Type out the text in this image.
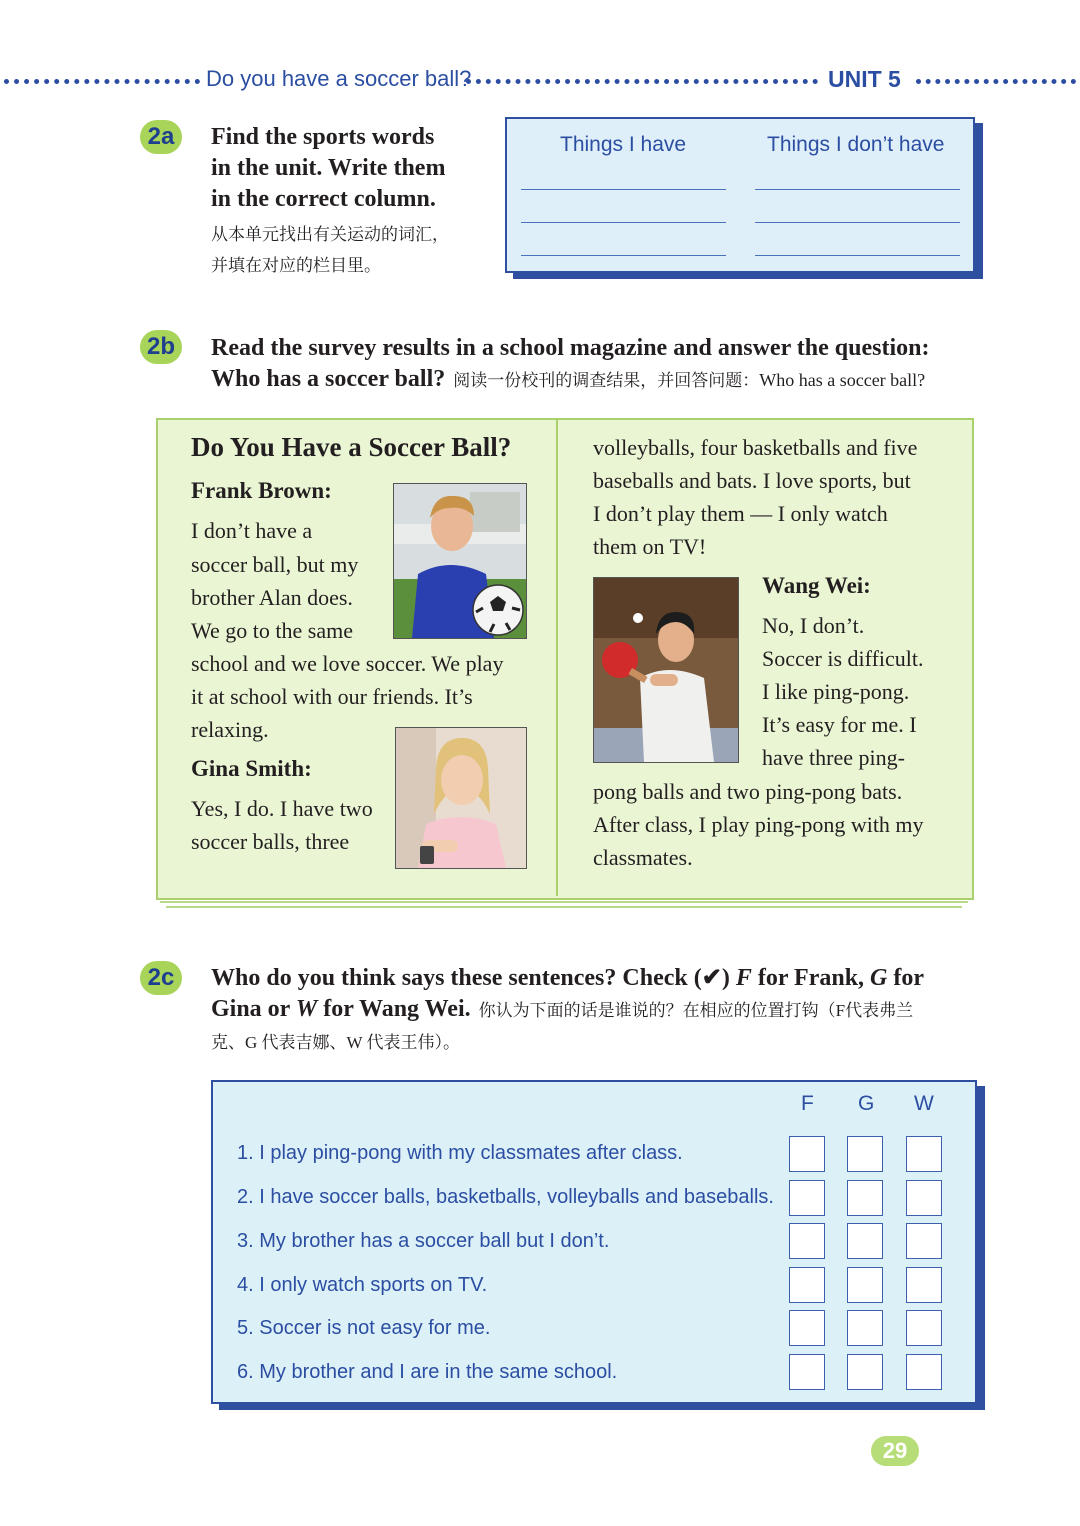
Do you have a soccer ball?	UNIT 5
2a	Find the sports words
in the unit. Write them
in the correct column.
从本单元找出有关运动的词汇，
并填在对应的栏目里。
Things I have	Things I don’t have
2b Read the survey results in a school magazine and answer the question:
Who has a soccer ball? 阅读一份校刊的调查结果，并回答问题：Who has a soccer ball?
Do You Have a Soccer Ball?
Frank Brown:
I don’t have a
soccer ball, but my
brother Alan does.
We go to the same
school and we love soccer. We play
it at school with our friends. It’s
relaxing.
Gina Smith:
Yes, I do. I have two
soccer balls, three
volleyballs, four basketballs and five
baseballs and bats. I love sports, but
I don’t play them — I only watch
them on TV!
Wang Wei:
No, I don’t.
Soccer is difficult.
I like ping-pong.
It’s easy for me. I
have three ping-
pong balls and two ping-pong bats.
After class, I play ping-pong with my
classmates.
2c	Who do you think says these sentences? Check (✔) F for Frank, G for
Gina or W for Wang Wei. 你认为下面的话是谁说的？在相应的位置打钩（F代表弗兰
克、G 代表吉娜、W 代表王伟）。
F G W
1. I play ping-pong with my classmates after class.
2. I have soccer balls, basketballs, volleyballs and baseballs.
3. My brother has a soccer ball but I don’t.
4. I only watch sports on TV.
5. Soccer is not easy for me.
6. My brother and I are in the same school.
29
